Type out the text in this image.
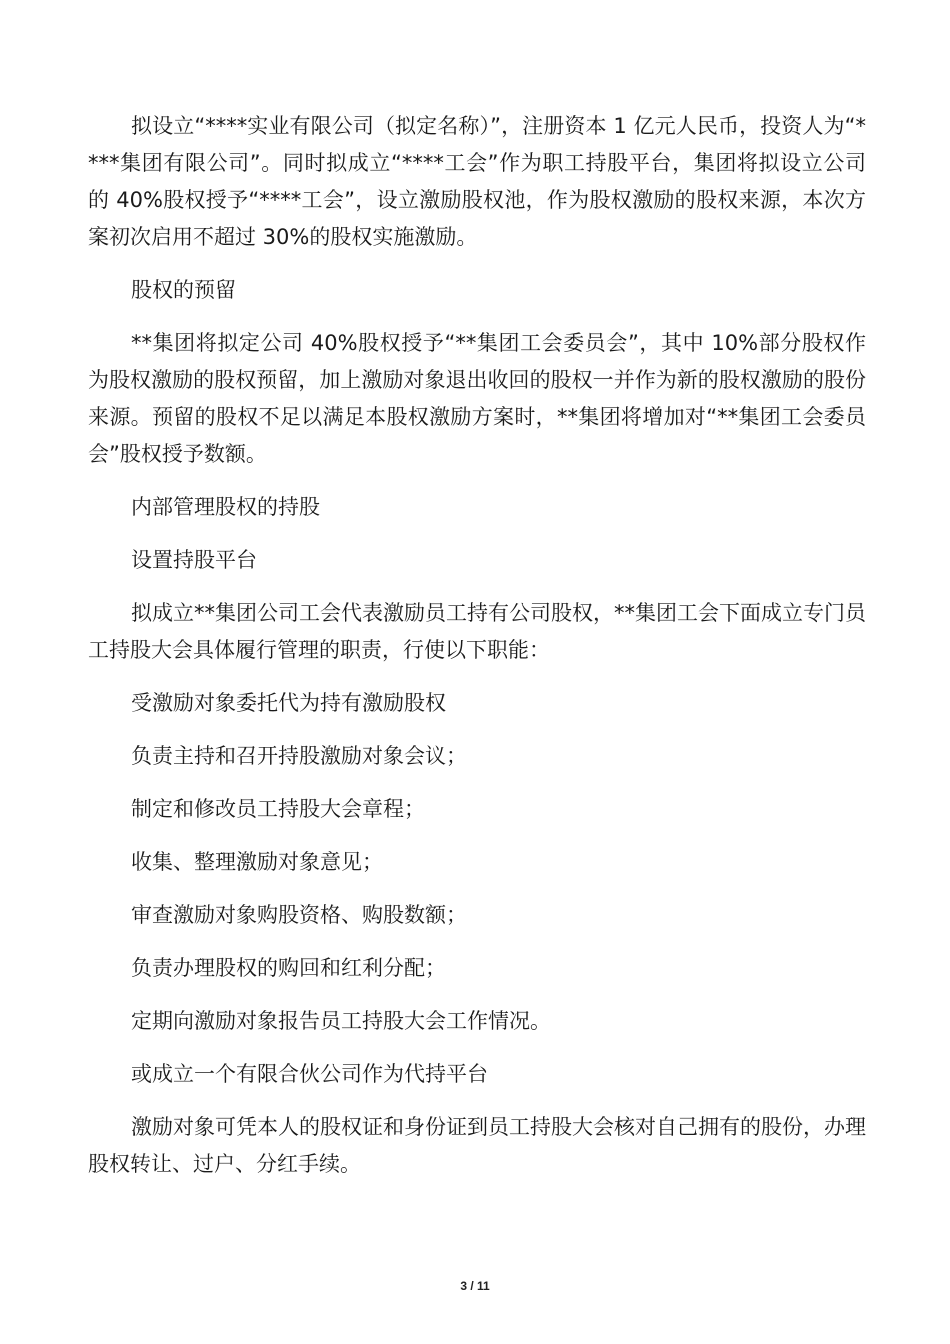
拟设立“****实业有限公司（拟定名称）”，注册资本 1 亿元人民币，投资人为“****集团有限公司”。同时拟成立“****工会”作为职工持股平台，集团将拟设立公司的 40%股权授予“****工会”，设立激励股权池，作为股权激励的股权来源，本次方案初次启用不超过 30%的股权实施激励。

股权的预留

**集团将拟定公司 40%股权授予“**集团工会委员会”，其中 10%部分股权作为股权激励的股权预留，加上激励对象退出收回的股权一并作为新的股权激励的股份来源。预留的股权不足以满足本股权激励方案时，**集团将增加对“**集团工会委员会”股权授予数额。

内部管理股权的持股

设置持股平台

拟成立**集团公司工会代表激励员工持有公司股权，**集团工会下面成立专门员工持股大会具体履行管理的职责，行使以下职能：

受激励对象委托代为持有激励股权

负责主持和召开持股激励对象会议；

制定和修改员工持股大会章程；

收集、整理激励对象意见；

审查激励对象购股资格、购股数额；

负责办理股权的购回和红利分配；

定期向激励对象报告员工持股大会工作情况。

或成立一个有限合伙公司作为代持平台

激励对象可凭本人的股权证和身份证到员工持股大会核对自己拥有的股份，办理股权转让、过户、分红手续。

3 / 11
